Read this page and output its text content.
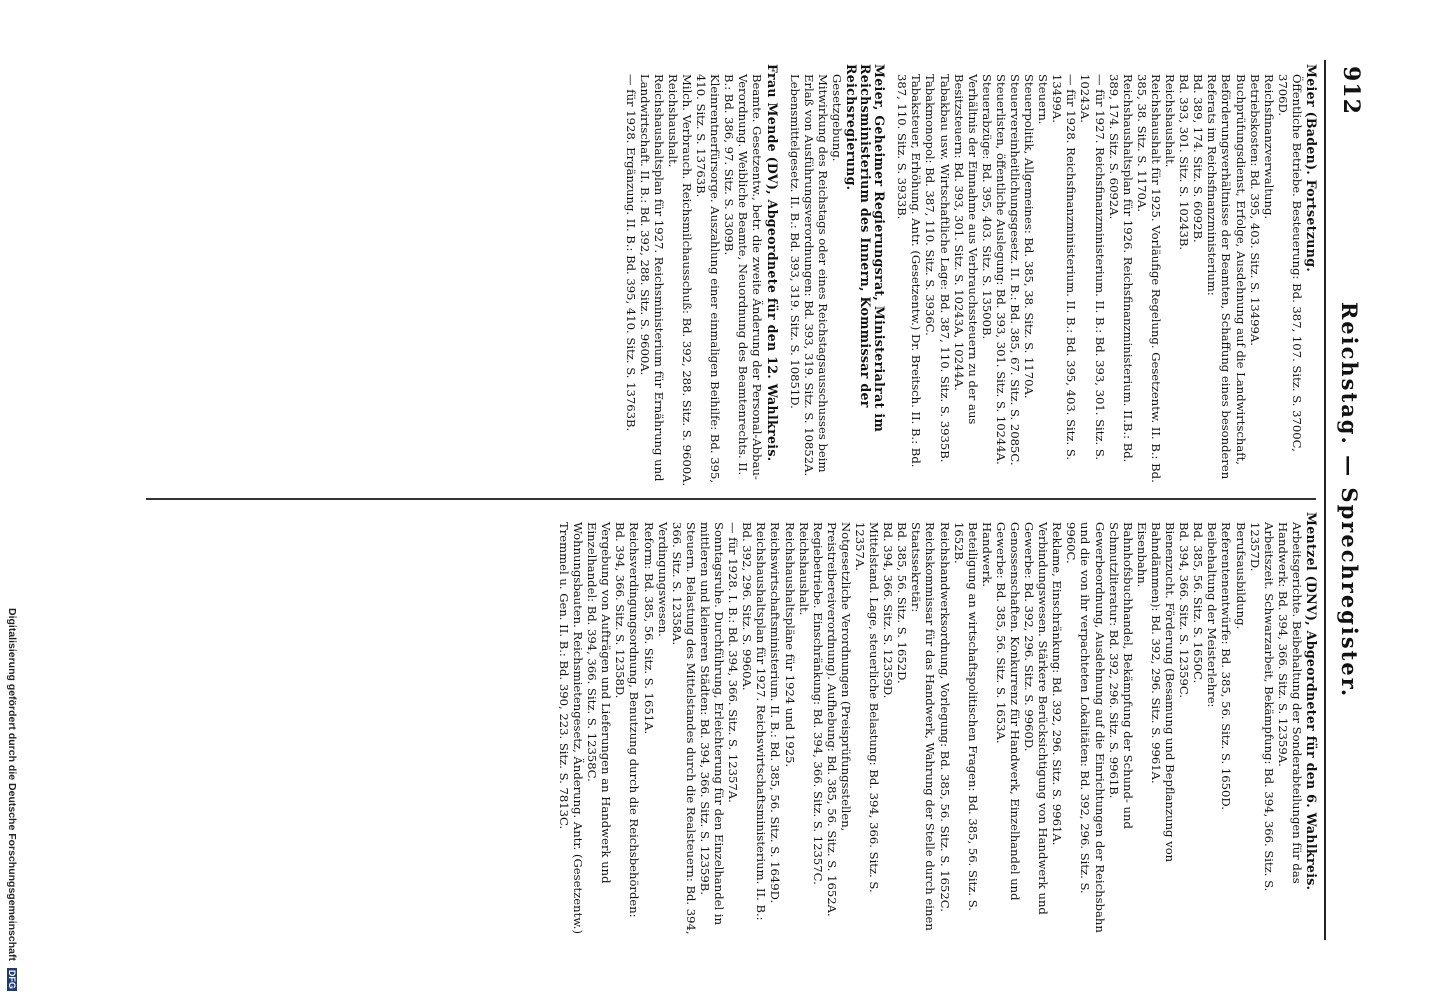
912
Reichstag. — Sprechregister.
Meier (Baden). Fortsetzung.
Öffentliche Betriebe. Besteuerung: Bd. 387, 107. Sitz. S. 3700C, 3706D.
Reichsfinanzverwaltung.
Betriebskosten: Bd. 395, 403. Sitz. S. 13499A.
Buchprüfungsdienst, Erfolge, Ausdehnung auf die Landwirtschaft, Beförderungsverhältnisse der Beamten, Schaffung eines besonderen Referats im Reichsfinanzministerium:
Bd. 389, 174. Sitz. S. 6092B.
Bd. 393, 301. Sitz. S. 10243B.
Reichshaushalt.
Reichshaushalt für 1925. Vorläufige Regelung. Gesetzentw. II. B.: Bd. 385, 38. Sitz. S. 1170A.
Reichshaushaltsplan für 1926. Reichsfinanzministerium. II.B.: Bd. 389, 174. Sitz. S. 6092A.
— für 1927. Reichsfinanzministerium. II. B.: Bd. 393, 301. Sitz. S. 10243A.
— für 1928. Reichsfinanzministerium. II. B.: Bd. 395, 403. Sitz. S. 13499A.
Steuern.
Steuerpolitik, Allgemeines: Bd. 385, 38. Sitz. S. 1170A.
Steuervereinheitlichungsgesetz. II. B.: Bd. 385, 67. Sitz. S. 2085C.
Steuerlisten, öffentliche Auslegung: Bd. 393, 301. Sitz. S. 10244A.
Steuerabzüge: Bd. 395, 403. Sitz. S. 13500B.
Verhältnis der Einnahme aus Verbrauchssteuern zu der aus Besitzsteuern: Bd. 393, 301. Sitz. S. 10243A, 10244A.
Tabakbau usw. Wirtschaftliche Lage: Bd. 387, 110. Sitz. S. 3935B.
Tabakmonopol: Bd. 387, 110. Sitz. S. 3936C.
Tabaksteuer, Erhöhung. Antr. (Gesetzentw.) Dr. Breitsch. II. B.: Bd. 387, 110. Sitz. S. 3933B.
Meier, Geheimer Regierungsrat, Ministerialrat im Reichsministerium des Innern, Kommissar der Reichsregierung.
Gesetzgebung.
Mitwirkung des Reichstags oder eines Reichstagsausschusses beim Erlaß von Ausführungsverordnungen: Bd. 393, 319. Sitz. S. 10852A.
Lebensmittelgesetz. II. B.: Bd. 393, 319. Sitz. S. 10851D.
Frau Mende (DV), Abgeordnete für den 12. Wahlkreis.
Beamte. Gesetzentw., betr. die zweite Änderung der Personal-Abbau-Verordnung. Weibliche Beamte, Neuordnung des Beamtenrechts. II. B.: Bd. 386, 97. Sitz. S. 3309B.
Kleinrentnerfürsorge. Auszahlung einer einmaligen Beihilfe: Bd. 395, 410. Sitz. S. 13763B.
Milch. Verbrauch. Reichsmilchausschuß: Bd. 392, 288. Sitz. S. 9600A.
Reichshaushalt.
Reichshaushaltsplan für 1927. Reichsministerium für Ernährung und Landwirtschaft. II. B.: Bd. 392, 288. Sitz. S. 9600A.
— für 1928. Ergänzung. II. B.: Bd. 395, 410. Sitz. S. 13763B.
Mentzel (DNV), Abgeordneter für den 6. Wahlkreis.
Arbeitsgerichte. Beibehaltung der Sonderabteilungen für das Handwerk: Bd. 394, 366. Sitz. S. 12359A.
Arbeitszeit. Schwarzarbeit, Bekämpfung: Bd. 394, 366. Sitz. S. 12357D.
Berufsausbildung.
Referentenentwürfe: Bd. 385, 56. Sitz. S. 1650D.
Beibehaltung der Meisterlehre:
Bd. 385, 56. Sitz. S. 1650C.
Bd. 394, 366. Sitz. S. 12359C.
Bienenzucht. Förderung (Besamung und Bepflanzung von Bahndämmen): Bd. 392, 296. Sitz. S. 9961A.
Eisenbahn.
Bahnhofsbuchhandel, Bekämpfung der Schund- und Schmutzliteratur: Bd. 392, 296. Sitz. S. 9961B.
Gewerbeordnung, Ausdehnung auf die Einrichtungen der Reichsbahn und die von ihr verpachteten Lokalitäten: Bd. 392, 296. Sitz. S. 9960C.
Reklame, Einschränkung: Bd. 392, 296. Sitz. S. 9961A.
Verbindungswesen. Stärkere Berücksichtigung von Handwerk und Gewerbe: Bd. 392, 296. Sitz. S. 9960D.
Genossenschaften. Konkurrenz für Handwerk, Einzelhandel und Gewerbe: Bd. 385, 56. Sitz. S. 1653A.
Handwerk.
Beteiligung an wirtschaftspolitischen Fragen: Bd. 385, 56. Sitz. S. 1652B.
Reichshandwerksordnung, Vorlegung: Bd. 385, 56. Sitz. S. 1652C.
Reichskommissar für das Handwerk, Wahrung der Stelle durch einen Staatssekretär:
Bd. 385, 56. Sitz. S. 1652D.
Bd. 394, 366. Sitz. S. 12359D.
Mittelstand. Lage, steuerliche Belastung: Bd. 394, 366. Sitz. S. 12357A.
Notgesetzliche Verordnungen (Preisprüfungsstellen, Preistreibereiverordnung). Aufhebung: Bd. 385, 56. Sitz. S. 1652A.
Regiebetriebe. Einschränkung: Bd. 394, 366. Sitz. S. 12357C.
Reichshaushalt.
Reichshaushaltspläne für 1924 und 1925. Reichswirtschaftsministerium. II. B.: Bd. 385, 56. Sitz. S. 1649D.
Reichshaushaltsplan für 1927. Reichswirtschaftsministerium. II. B.: Bd. 392, 296. Sitz. S. 9960A.
— für 1928. I. B.: Bd. 394, 366. Sitz. S. 12357A.
Sonntagsruhe. Durchführung, Erleichterung für den Einzelhandel in mittleren und kleineren Städten: Bd. 394, 366. Sitz. S. 12359B.
Steuern. Belastung des Mittelstandes durch die Realsteuern: Bd. 394, 366. Sitz. S. 12358A.
Verdingungswesen.
Reform: Bd. 385, 56. Sitz. S. 1651A.
Reichsverdingungsordnung, Benutzung durch die Reichsbehörden: Bd. 394, 366. Sitz. S. 12358D.
Vergebung von Aufträgen und Lieferungen an Handwerk und Einzelhandel: Bd. 394, 366. Sitz. S. 12358C.
Wohnungsbauten. Reichsmietengesetz, Änderung. Antr. (Gesetzentw.) Tremmel u. Gen. II. B.: Bd. 390, 223. Sitz. S. 7813C.
Digitalisierung gefördert durch die Deutsche Forschungsgemeinschaft DFG
